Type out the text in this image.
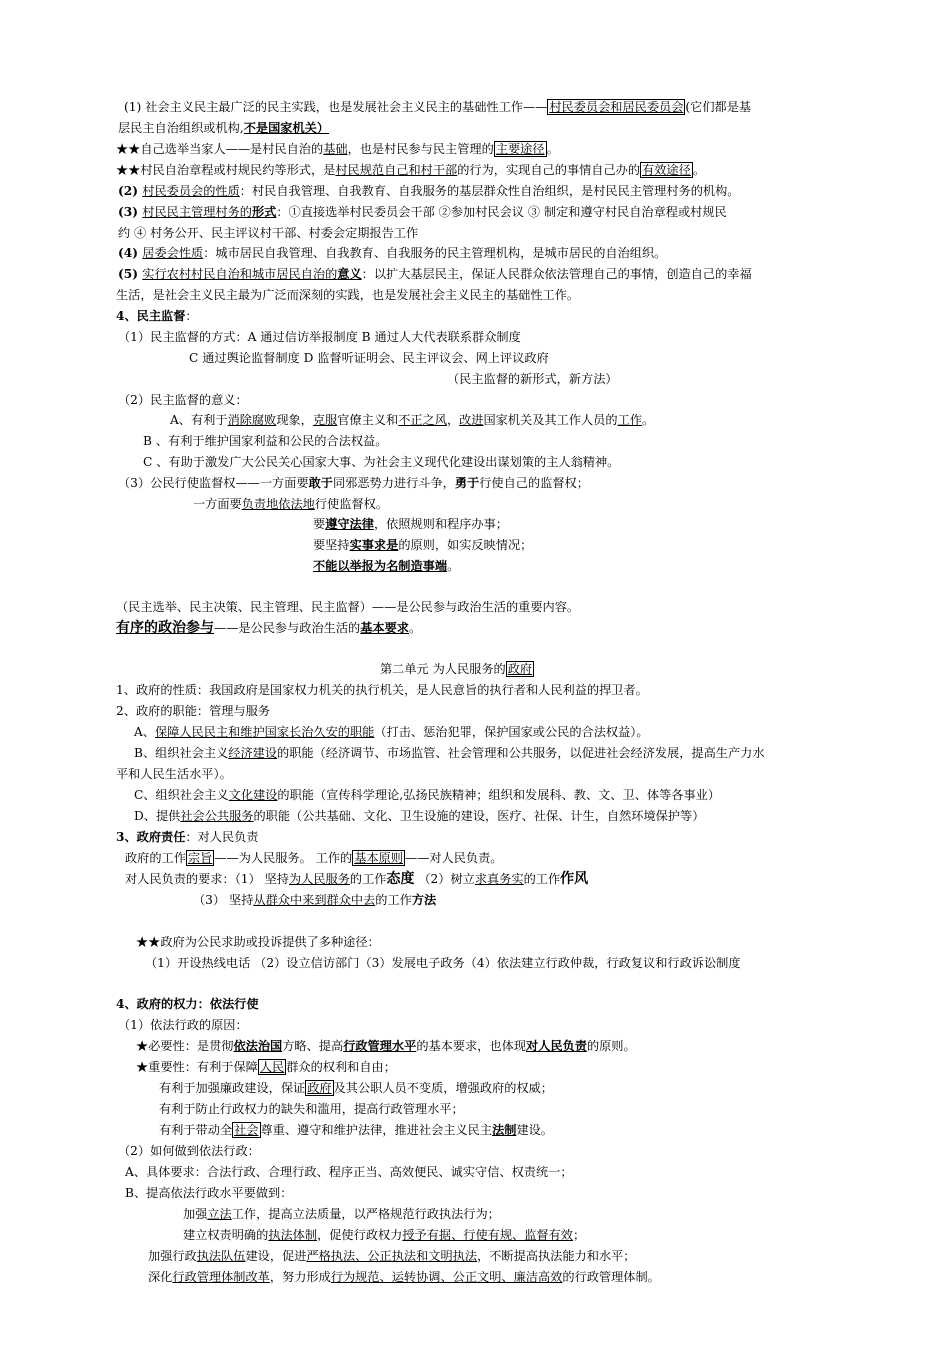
(1) 社会主义民主最广泛的民主实践，也是发展社会主义民主的基础性工作—— 村民委员会和居民委员会 (它们都是基
层民主自治组织或机构,不是国家机关）
★★自己选举当家人——是村民自治的基础，也是村民参与民主管理的 主要途径 。
★★村民自治章程或村规民约等形式，是村民规范自己和村干部的行为，实现自己的事情自己办的 有效途径 。
(2) 村民委员会的性质：村民自我管理、自我教育、自我服务的基层群众性自治组织，是村民民主管理村务的机构。
(3) 村民民主管理村务的形式：①直接选举村民委员会干部 ②参加村民会议 ③ 制定和遵守村民自治章程或村规民
约 ④ 村务公开、民主评议村干部、村委会定期报告工作
(4) 居委会性质：城市居民自我管理、自我教育、自我服务的民主管理机构，是城市居民的自治组织。
(5) 实行农村村民自治和城市居民自治的意义：以扩大基层民主，保证人民群众依法管理自己的事情，创造自己的幸福
生活，是社会主义民主最为广泛而深刻的实践，也是发展社会主义民主的基础性工作。
4、民主监督：
（1）民主监督的方式：A 通过信访举报制度 B 通过人大代表联系群众制度
C 通过舆论监督制度 D 监督听证明会、民主评议会、网上评议政府
（民主监督的新形式，新方法）
（2）民主监督的意义：
A、有利于消除腐败现象，克服官僚主义和不正之风，改进国家机关及其工作人员的工作。
B 、有利于维护国家利益和公民的合法权益。
C 、有助于激发广大公民关心国家大事、为社会主义现代化建设出谋划策的主人翁精神。
（3）公民行使监督权——一方面要敢于同邪恶势力进行斗争，勇于行使自己的监督权；
一方面要负责地依法地行使监督权。
要遵守法律，依照规则和程序办事；
要坚持实事求是的原则，如实反映情况；
不能以举报为名制造事端。
（民主选举、民主决策、民主管理、民主监督）——是公民参与政治生活的重要内容。
有序的政治参与——是公民参与政治生活的基本要求。
第二单元 为人民服务的 政府
1、政府的性质：我国政府是国家权力机关的执行机关，是人民意旨的执行者和人民利益的捍卫者。
2、政府的职能：管理与服务
A、保障人民民主和维护国家长治久安的职能（打击、惩治犯罪，保护国家或公民的合法权益）。
B、组织社会主义经济建设的职能（经济调节、市场监管、社会管理和公共服务，以促进社会经济发展，提高生产力水
平和人民生活水平）。
C、组织社会主义文化建设的职能（宣传科学理论,弘扬民族精神；组织和发展科、教、文、卫、体等各事业）
D、提供社会公共服务的职能（公共基础、文化、卫生设施的建设，医疗、社保、计生，自然环境保护等）
3、政府责任：对人民负责
政府的工作 宗旨 ——为人民服务。 工作的 基本原则 ——对人民负责。
对人民负责的要求：（1） 坚持为人民服务的工作态度 （2）树立求真务实的工作作风
（3） 坚持从群众中来到群众中去的工作方法
★★政府为公民求助或投诉提供了多种途径：
（1）开设热线电话 （2）设立信访部门（3）发展电子政务（4）依法建立行政仲裁，行政复议和行政诉讼制度
4、政府的权力：依法行使
（1）依法行政的原因：
★必要性：是贯彻依法治国方略、提高行政管理水平的基本要求，也体现对人民负责的原则。
★重要性：有利于保障 人民 群众的权利和自由；
有利于加强廉政建设，保证 政府 及其公职人员不变质，增强政府的权威；
有利于防止行政权力的缺失和滥用，提高行政管理水平；
有利于带动全 社会 尊重、遵守和维护法律，推进社会主义民主法制建设。
（2）如何做到依法行政：
A、具体要求：合法行政、合理行政、程序正当、高效便民、诚实守信、权责统一；
B、提高依法行政水平要做到：
加强立法工作，提高立法质量，以严格规范行政执法行为；
建立权责明确的执法体制，促使行政权力授予有据、行使有规、监督有效；
加强行政执法队伍建设，促进严格执法、公正执法和文明执法，不断提高执法能力和水平；
深化行政管理体制改革，努力形成行为规范、运转协调、公正文明、廉洁高效的行政管理体制。
